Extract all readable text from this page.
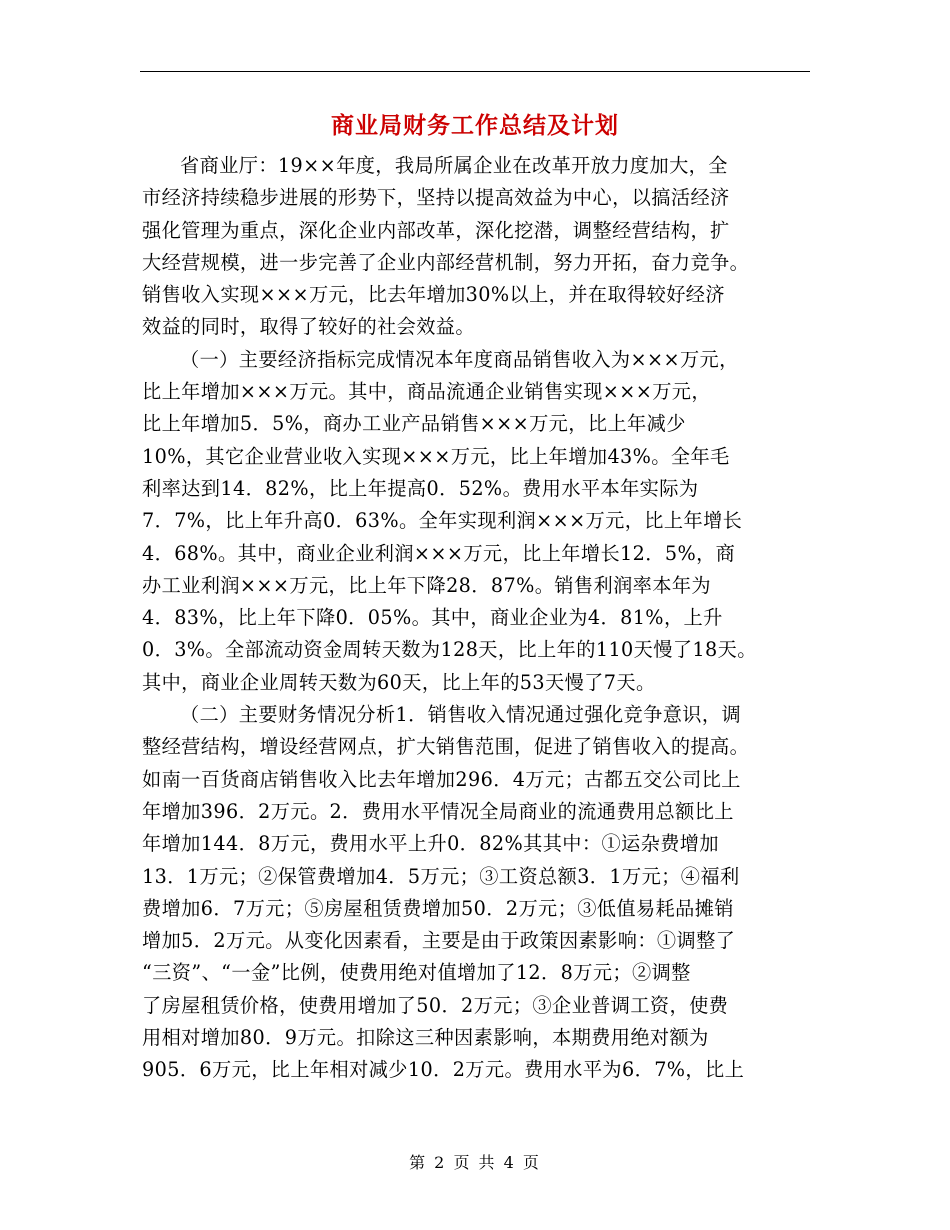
商业局财务工作总结及计划
省商业厅：19××年度，我局所属企业在改革开放力度加大，全
市经济持续稳步进展的形势下，坚持以提高效益为中心，以搞活经济
强化管理为重点，深化企业内部改革，深化挖潜，调整经营结构，扩
大经营规模，进一步完善了企业内部经营机制，努力开拓，奋力竞争。
销售收入实现×××万元，比去年增加30%以上，并在取得较好经济
效益的同时，取得了较好的社会效益。
（一）主要经济指标完成情况本年度商品销售收入为×××万元，
比上年增加×××万元。其中，商品流通企业销售实现×××万元，
比上年增加5．5%，商办工业产品销售×××万元，比上年减少
10%，其它企业营业收入实现×××万元，比上年增加43%。全年毛
利率达到14．82%，比上年提高0．52%。费用水平本年实际为
7．7%，比上年升高0．63%。全年实现利润×××万元，比上年增长
4．68%。其中，商业企业利润×××万元，比上年增长12．5%，商
办工业利润×××万元，比上年下降28．87%。销售利润率本年为
4．83%，比上年下降0．05%。其中，商业企业为4．81%，上升
0．3%。全部流动资金周转天数为128天，比上年的110天慢了18天。
其中，商业企业周转天数为60天，比上年的53天慢了7天。
（二）主要财务情况分析1．销售收入情况通过强化竞争意识，调
整经营结构，增设经营网点，扩大销售范围，促进了销售收入的提高。
如南一百货商店销售收入比去年增加296．4万元；古都五交公司比上
年增加396．2万元。2．费用水平情况全局商业的流通费用总额比上
年增加144．8万元，费用水平上升0．82%其其中：①运杂费增加
13．1万元；②保管费增加4．5万元；③工资总额3．1万元；④福利
费增加6．7万元；⑤房屋租赁费增加50．2万元；③低值易耗品摊销
增加5．2万元。从变化因素看，主要是由于政策因素影响：①调整了
“三资”、“一金”比例，使费用绝对值增加了12．8万元；②调整
了房屋租赁价格，使费用增加了50．2万元；③企业普调工资，使费
用相对增加80．9万元。扣除这三种因素影响，本期费用绝对额为
905．6万元，比上年相对减少10．2万元。费用水平为6．7%，比上
第 2 页 共 4 页
